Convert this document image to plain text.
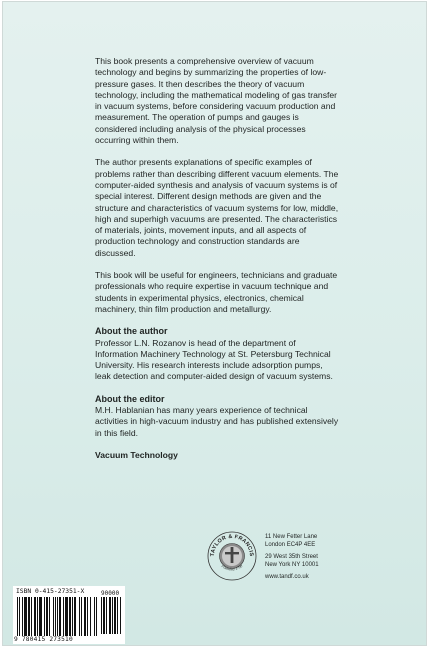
This book presents a comprehensive overview of vacuum technology and begins by summarizing the properties of low-pressure gases. It then describes the theory of vacuum technology, including the mathematical modeling of gas transfer in vacuum systems, before considering vacuum production and measurement. The operation of pumps and gauges is considered including analysis of the physical processes occurring within them.

The author presents explanations of specific examples of problems rather than describing different vacuum elements. The computer-aided synthesis and analysis of vacuum systems is of special interest. Different design methods are given and the structure and characteristics of vacuum systems for low, middle, high and superhigh vacuums are presented. The characteristics of materials, joints, movement inputs, and all aspects of production technology and construction standards are discussed.

This book will be useful for engineers, technicians and graduate professionals who require expertise in vacuum technique and students in experimental physics, electronics, chemical machinery, thin film production and metallurgy.

About the author
Professor L.N. Rozanov is head of the department of Information Machinery Technology at St. Petersburg Technical University. His research interests include adsorption pumps, leak detection and computer-aided design of vacuum systems.
About the editor
M.H. Hablanian has many years experience of technical activities in high-vacuum industry and has published extensively in this field.
Vacuum Technology
TAYLOR & FRANCIS
Founded 1798
11 New Fetter Lane
London EC4P 4EE
29 West 35th Street
New York NY 10001
www.tandf.co.uk
ISBN 0-415-27351-X	90000
9 780415 273510
